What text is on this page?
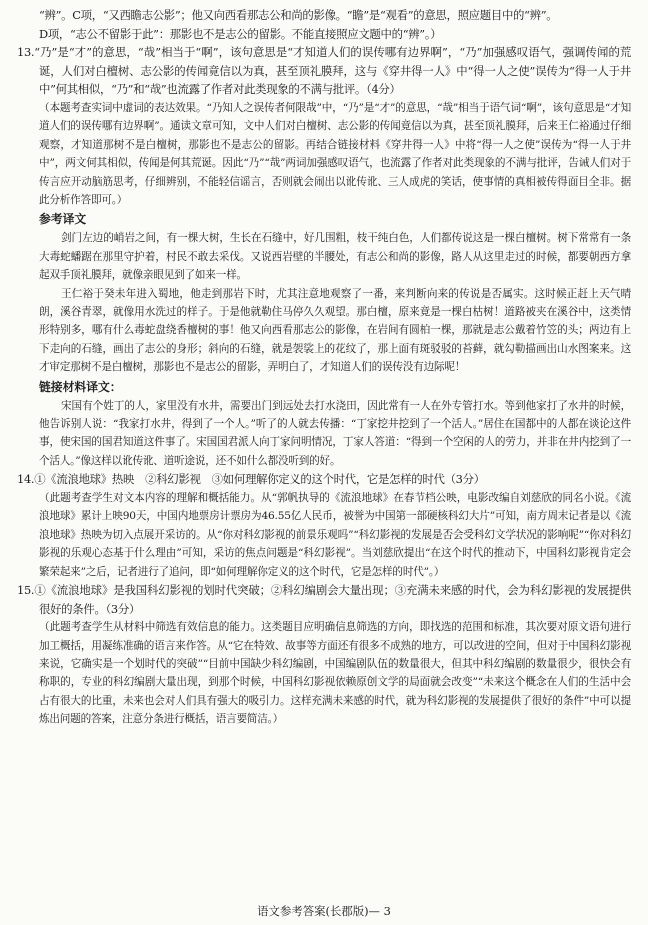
“辨”。C项，“又西瞻志公影”；他又向西看那志公和尚的影像。“瞻”是“观看”的意思，照应题目中的“辨”。

D项，“志公不留影于此”：那影也不是志公的留影。不能直接照应文题中的“辨”。）

13.“乃”是“才”的意思，“哉”相当于“啊”，该句意思是“才知道人们的误传哪有边界啊”，“乃”加强感叹语气，强调传闻的荒诞，人们对白檀树、志公影的传闻竟信以为真，甚至顶礼膜拜，这与《穿井得一人》中“得一人之使”误传为“得一人于井中”何其相似，“乃”和“哉”也流露了作者对此类现象的不满与批评。（4分）

（本题考查实词中虚词的表达效果。“乃知人之误传者何限哉”中，“乃”是“才”的意思，“哉”相当于语气词“啊”，该句意思是“才知道人们的误传哪有边界啊”。通读文章可知，文中人们对白檀树、志公影的传闻竟信以为真，甚至顶礼膜拜，后来王仁裕通过仔细观察，才知道那树不是白檀树，那影也不是志公的留影。再结合链接材料《穿井得一人》中将“得一人之使”误传为“得一人于井中”，两文何其相似，传闻是何其荒诞。因此“乃”“哉”两词加强感叹语气，也流露了作者对此类现象的不满与批评，告诫人们对于传言应开动脑筋思考，仔细辨别，不能轻信谣言，否则就会闹出以讹传讹、三人成虎的笑话，使事情的真相被传得面目全非。据此分析作答即可。）

参考译文

剑门左边的峭岩之间，有一棵大树，生长在石缝中，好几围粗，枝干纯白色，人们都传说这是一棵白檀树。树下常常有一条大毒蛇蟠踞在那里守护着，村民不敢去采伐。又说西岩壁的半腰处，有志公和尚的影像，路人从这里走过的时候，都要朝西方拿起双手顶礼膜拜，就像亲眼见到了如来一样。

王仁裕于癸未年进入蜀地，他走到那岩下时，尤其注意地观察了一番，来判断向来的传说是否属实。这时候正赶上天气晴朗，溪谷青翠，就像用水洗过的样子。于是他就勒住马停久久观望。那白檀，原来竟是一棵白枯树！道路被夹在溪谷中，这类情形特别多，哪有什么毒蛇盘绕香檀树的事！他又向西看那志公的影像，在岩间有圆柏一棵，那就是志公戴着竹笠的头；两边有上下走向的石缝，画出了志公的身形；斜向的石缝，就是袈裟上的花纹了，那上面有斑驳驳的苔藓，就勾勒描画出山水图案来。这才审定那树不是白檀树，那影也不是志公的留影，弄明白了，才知道人们的误传没有边际呢！

链接材料译文：

宋国有个姓丁的人，家里没有水井，需要出门到远处去打水浇田，因此常有一人在外专管打水。等到他家打了水井的时候，他告诉别人说：“我家打水井，得到了一个人。”听了的人就去传播：“丁家挖井挖到了一个活人。”居住在国都中的人都在谈论这件事，使宋国的国君知道这件事了。宋国国君派人向丁家问明情况，丁家人答道：“得到一个空闲的人的劳力，并非在井内挖到了一个活人。”像这样以讹传讹、道听途说，还不如什么都没听到的好。

14.①《流浪地球》热映　②科幻影视　③如何理解你定义的这个时代，它是怎样的时代（3分）

（此题考查学生对文本内容的理解和概括能力。从“郭帆执导的《流浪地球》在春节档公映，电影改编自刘慈欣的同名小说。《流浪地球》累计上映90天，中国内地票房计票房为46.55亿人民币，被誉为中国第一部硬核科幻大片”可知，南方周末记者是以《流浪地球》热映为切入点展开采访的。从“你对科幻影视的前景乐观吗”“科幻影视的发展是否会受科幻文学状况的影响呢”“你对科幻影视的乐观心态基于什么理由”可知，采访的焦点问题是“科幻影视”。当刘慈欣提出“在这个时代的推动下，中国科幻影视肯定会繁荣起来”之后，记者进行了追问，即“如何理解你定义的这个时代，它是怎样的时代”。）

15.①《流浪地球》是我国科幻影视的划时代突破；②科幻编剧会大量出现；③充满未来感的时代，会为科幻影视的发展提供很好的条件。（3分）

（此题考查学生从材料中筛选有效信息的能力。这类题目应明确信息筛选的方向，即找选的范围和标准，其次要对原文语句进行加工概括，用凝练准确的语言来作答。从“它在特效、故事等方面还有很多不成熟的地方，可以改进的空间，但对于中国科幻影视来说，它确实是一个划时代的突破”“目前中国缺少科幻编剧，中国编剧队伍的数量很大，但其中科幻编剧的数量很少，很快会有称职的，专业的科幻编剧大量出现，到那个时候，中国科幻影视依赖原创文学的局面就会改变”“未来这个概念在人们的生活中会占有很大的比重，未来也会对人们具有强大的吸引力。这样充满未来感的时代，就为科幻影视的发展提供了很好的条件”中可以提炼出问题的答案，注意分条进行概括，语言要简洁。）

语文参考答案(长郡版)— 3
